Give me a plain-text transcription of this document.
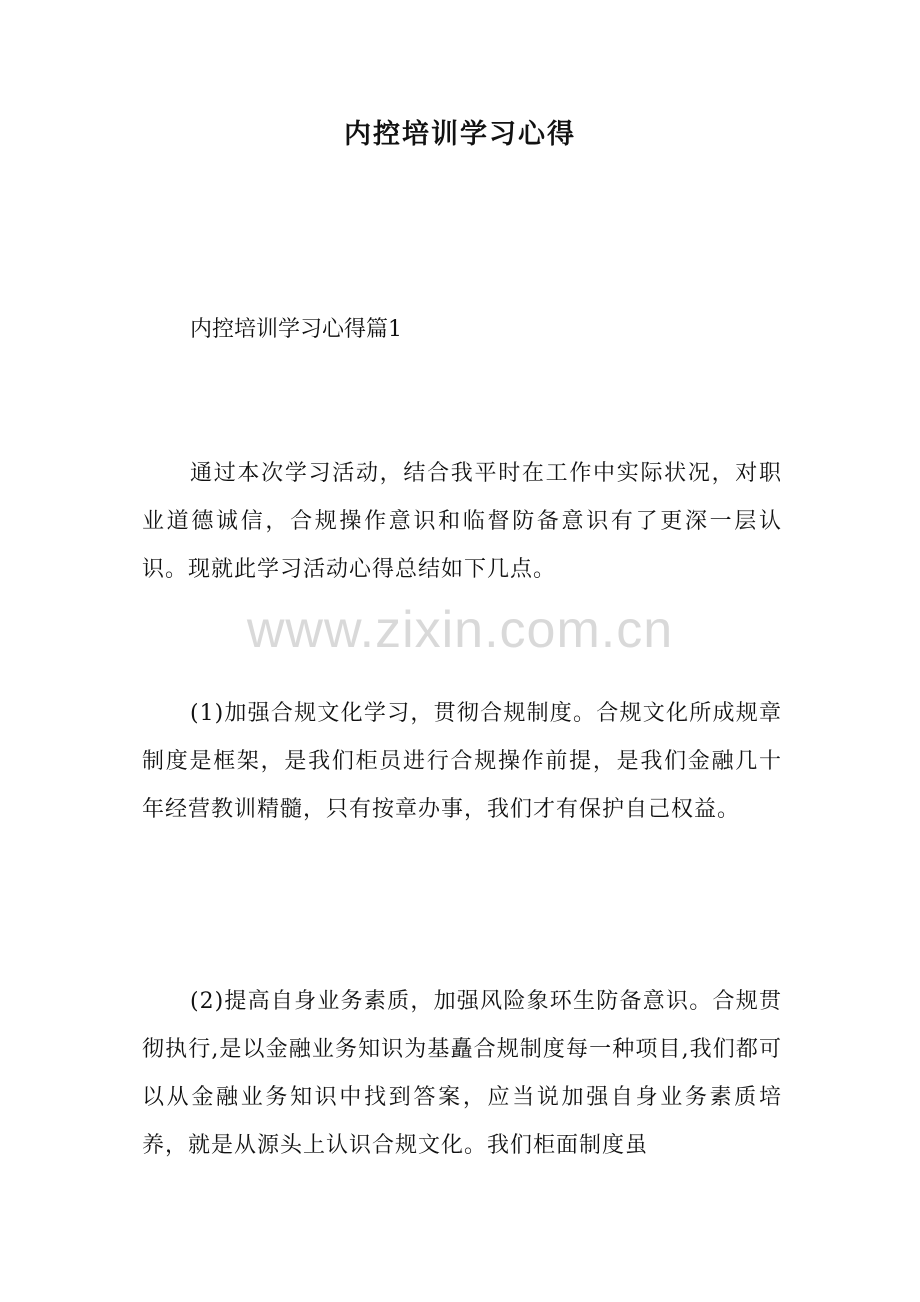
内控培训学习心得
内控培训学习心得篇1

通过本次学习活动，结合我平时在工作中实际状况，对职业道德诚信，合规操作意识和临督防备意识有了更深一层认识。现就此学习活动心得总结如下几点。

www.zixin.com.cn

(1)加强合规文化学习，贯彻合规制度。合规文化所成规章制度是框架，是我们柜员进行合规操作前提，是我们金融几十年经营教训精髓，只有按章办事，我们才有保护自己权益。

(2)提高自身业务素质，加强风险象环生防备意识。合规贯彻执行,是以金融业务知识为基矗合规制度每一种项目,我们都可以从金融业务知识中找到答案，应当说加强自身业务素质培养，就是从源头上认识合规文化。我们柜面制度虽
